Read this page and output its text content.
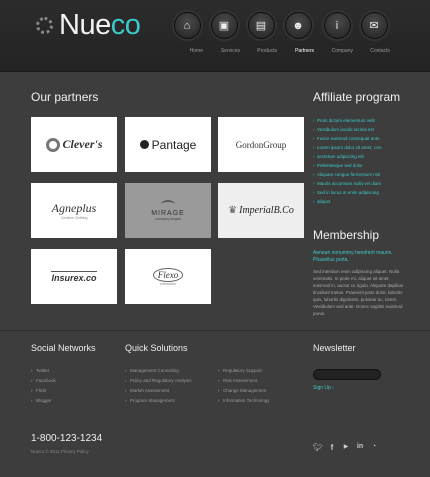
Nueco	⌂
Home
▣
Services
▤
Products
☻
Partners
i
Company
✉
Contacts
Our partners
Clever's	Pantage	GordonGroup
Agneplus
Creative Clothing
MIRAGE
company slogan
♛ ImperialB.Co
Insurex.co	Flexo
Interactive
Affiliate program
› Proin dictum elementum velit
› Vestibulum iaculis lacinia est
› Fusce euismod consequat ante
› Lorem ipsum dolor sit amet, con-
› sectetuer adipiscing elit
› Pellentesque sed dolor
› Aliquam congue fermentum nisl
› Mauris accumsan nulla vel diam
› Sed in lacus ut enim adipiscing
› aliquet
Membership

Aenean nonummy hendrerit mauris. Phasellus porta.

Sed interdum enim adipiscing aliquet. Nulla venenatis. In pede mi, aliquet sit amet, euismod in, auctor ut, ligula. Aliquam dapibus tincidunt metus. Praesent justo dolor, lobortis quis, lobortis dignissim, pulvinar ac, lorem. Vestibulum sed ante. Donec sagittis euismod purus.

Social Networks
› Twitter
› Facebook
› Flickr
› Blogger
Quick Solutions
› Management Consulting
› Policy and Regulatory Analysis
› Market Assessment
› Program Management
› Regulatory Support
› Risk Assessment
› Change Management
› Information Technology
Newsletter
Sign Up ›
1-800-123-1234
Nueco © 2011 Privacy Policy	🐦︎ f	▶	in	◔
